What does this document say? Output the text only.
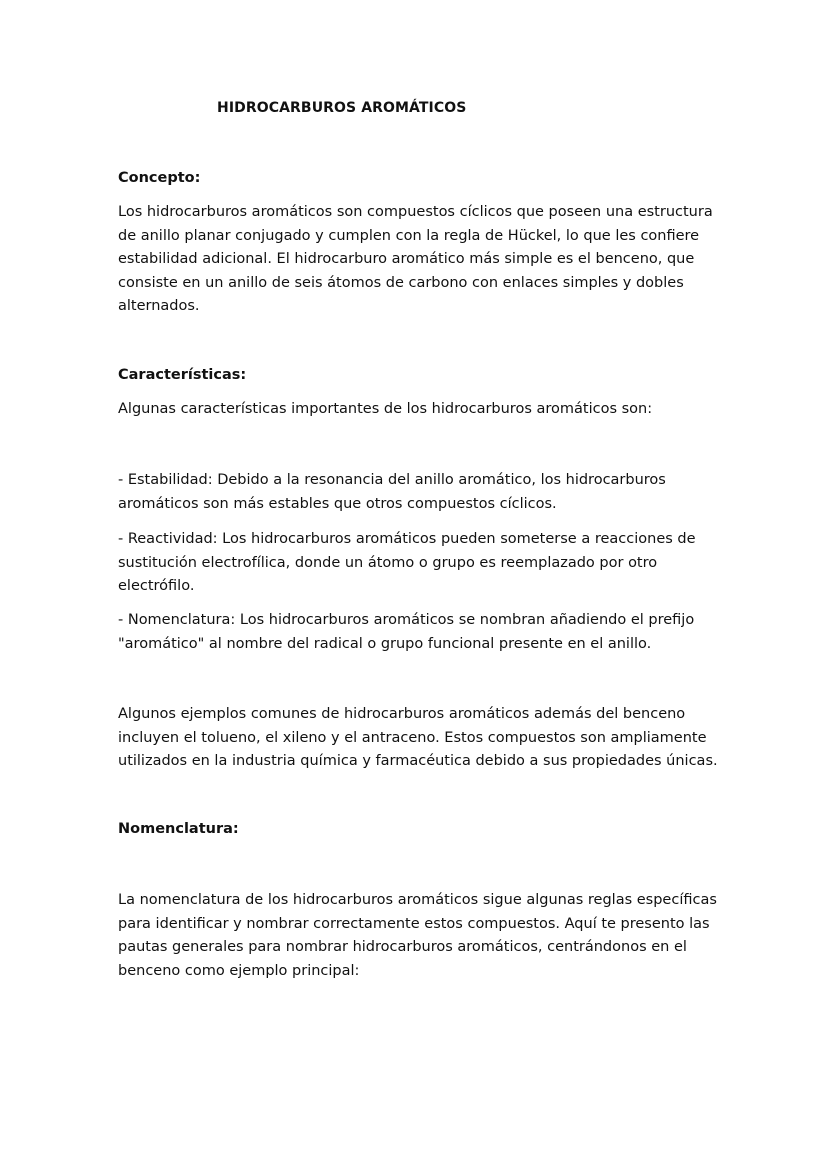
HIDROCARBUROS AROMÁTICOS
Concepto:

Los hidrocarburos aromáticos son compuestos cíclicos que poseen una estructura de anillo planar conjugado y cumplen con la regla de Hückel, lo que les confiere estabilidad adicional. El hidrocarburo aromático más simple es el benceno, que consiste en un anillo de seis átomos de carbono con enlaces simples y dobles alternados.

Características:

Algunas características importantes de los hidrocarburos aromáticos son:

- Estabilidad: Debido a la resonancia del anillo aromático, los hidrocarburos aromáticos son más estables que otros compuestos cíclicos.

- Reactividad: Los hidrocarburos aromáticos pueden someterse a reacciones de sustitución electrofílica, donde un átomo o grupo es reemplazado por otro electrófilo.

- Nomenclatura: Los hidrocarburos aromáticos se nombran añadiendo el prefijo "aromático" al nombre del radical o grupo funcional presente en el anillo.

Algunos ejemplos comunes de hidrocarburos aromáticos además del benceno incluyen el tolueno, el xileno y el antraceno. Estos compuestos son ampliamente utilizados en la industria química y farmacéutica debido a sus propiedades únicas.

Nomenclatura:

La nomenclatura de los hidrocarburos aromáticos sigue algunas reglas específicas para identificar y nombrar correctamente estos compuestos. Aquí te presento las pautas generales para nombrar hidrocarburos aromáticos, centrándonos en el benceno como ejemplo principal:
